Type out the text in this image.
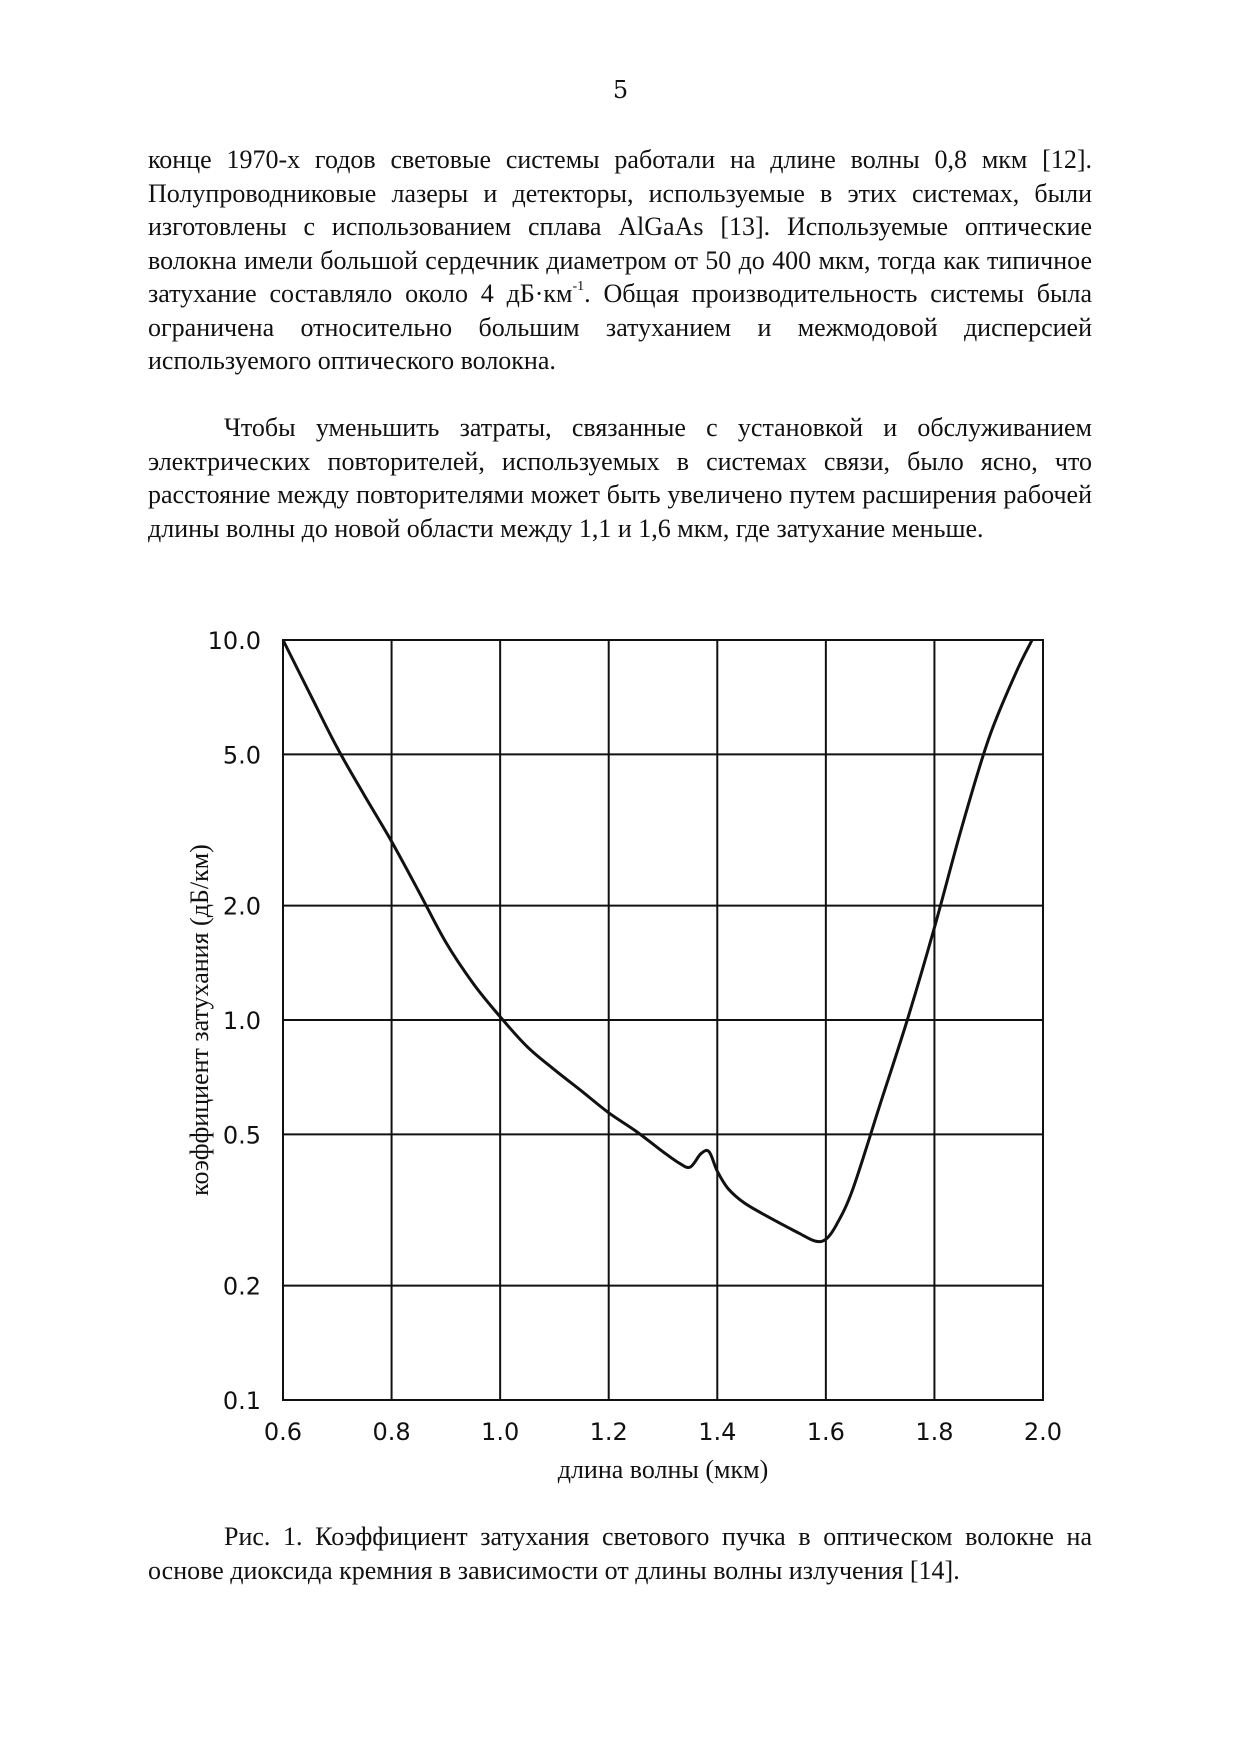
5

конце 1970-х годов световые системы работали на длине волны 0,8 мкм [12]. Полупроводниковые лазеры и детекторы, используемые в этих системах, были изготовлены с использованием сплава AlGaAs [13]. Используемые оптические волокна имели большой сердечник диаметром от 50 до 400 мкм, тогда как типичное затухание составляло около 4 $дБ\cdot км^{-1}$. Общая производительность системы была ограничена относительно большим затуханием и межмодовой дисперсией используемого оптического волокна.

Чтобы уменьшить затраты, связанные с установкой и обслуживанием электрических повторителей, используемых в системах связи, было ясно, что расстояние между повторителями может быть увеличено путем расширения рабочей длины волны до новой области между 1,1 и 1,6 мкм, где затухание меньше.

0.6	0.8	1.0	1.2	1.4	1.6	1.8	2.0
0.1
0.2
0.5
1.0
2.0
5.0
10.0
длина волны (мкм)
коэффициент затухания (дБ/км)

Рис. 1. Коэффициент затухания светового пучка в оптическом волокне на основе диоксида кремния в зависимости от длины волны излучения [14].
